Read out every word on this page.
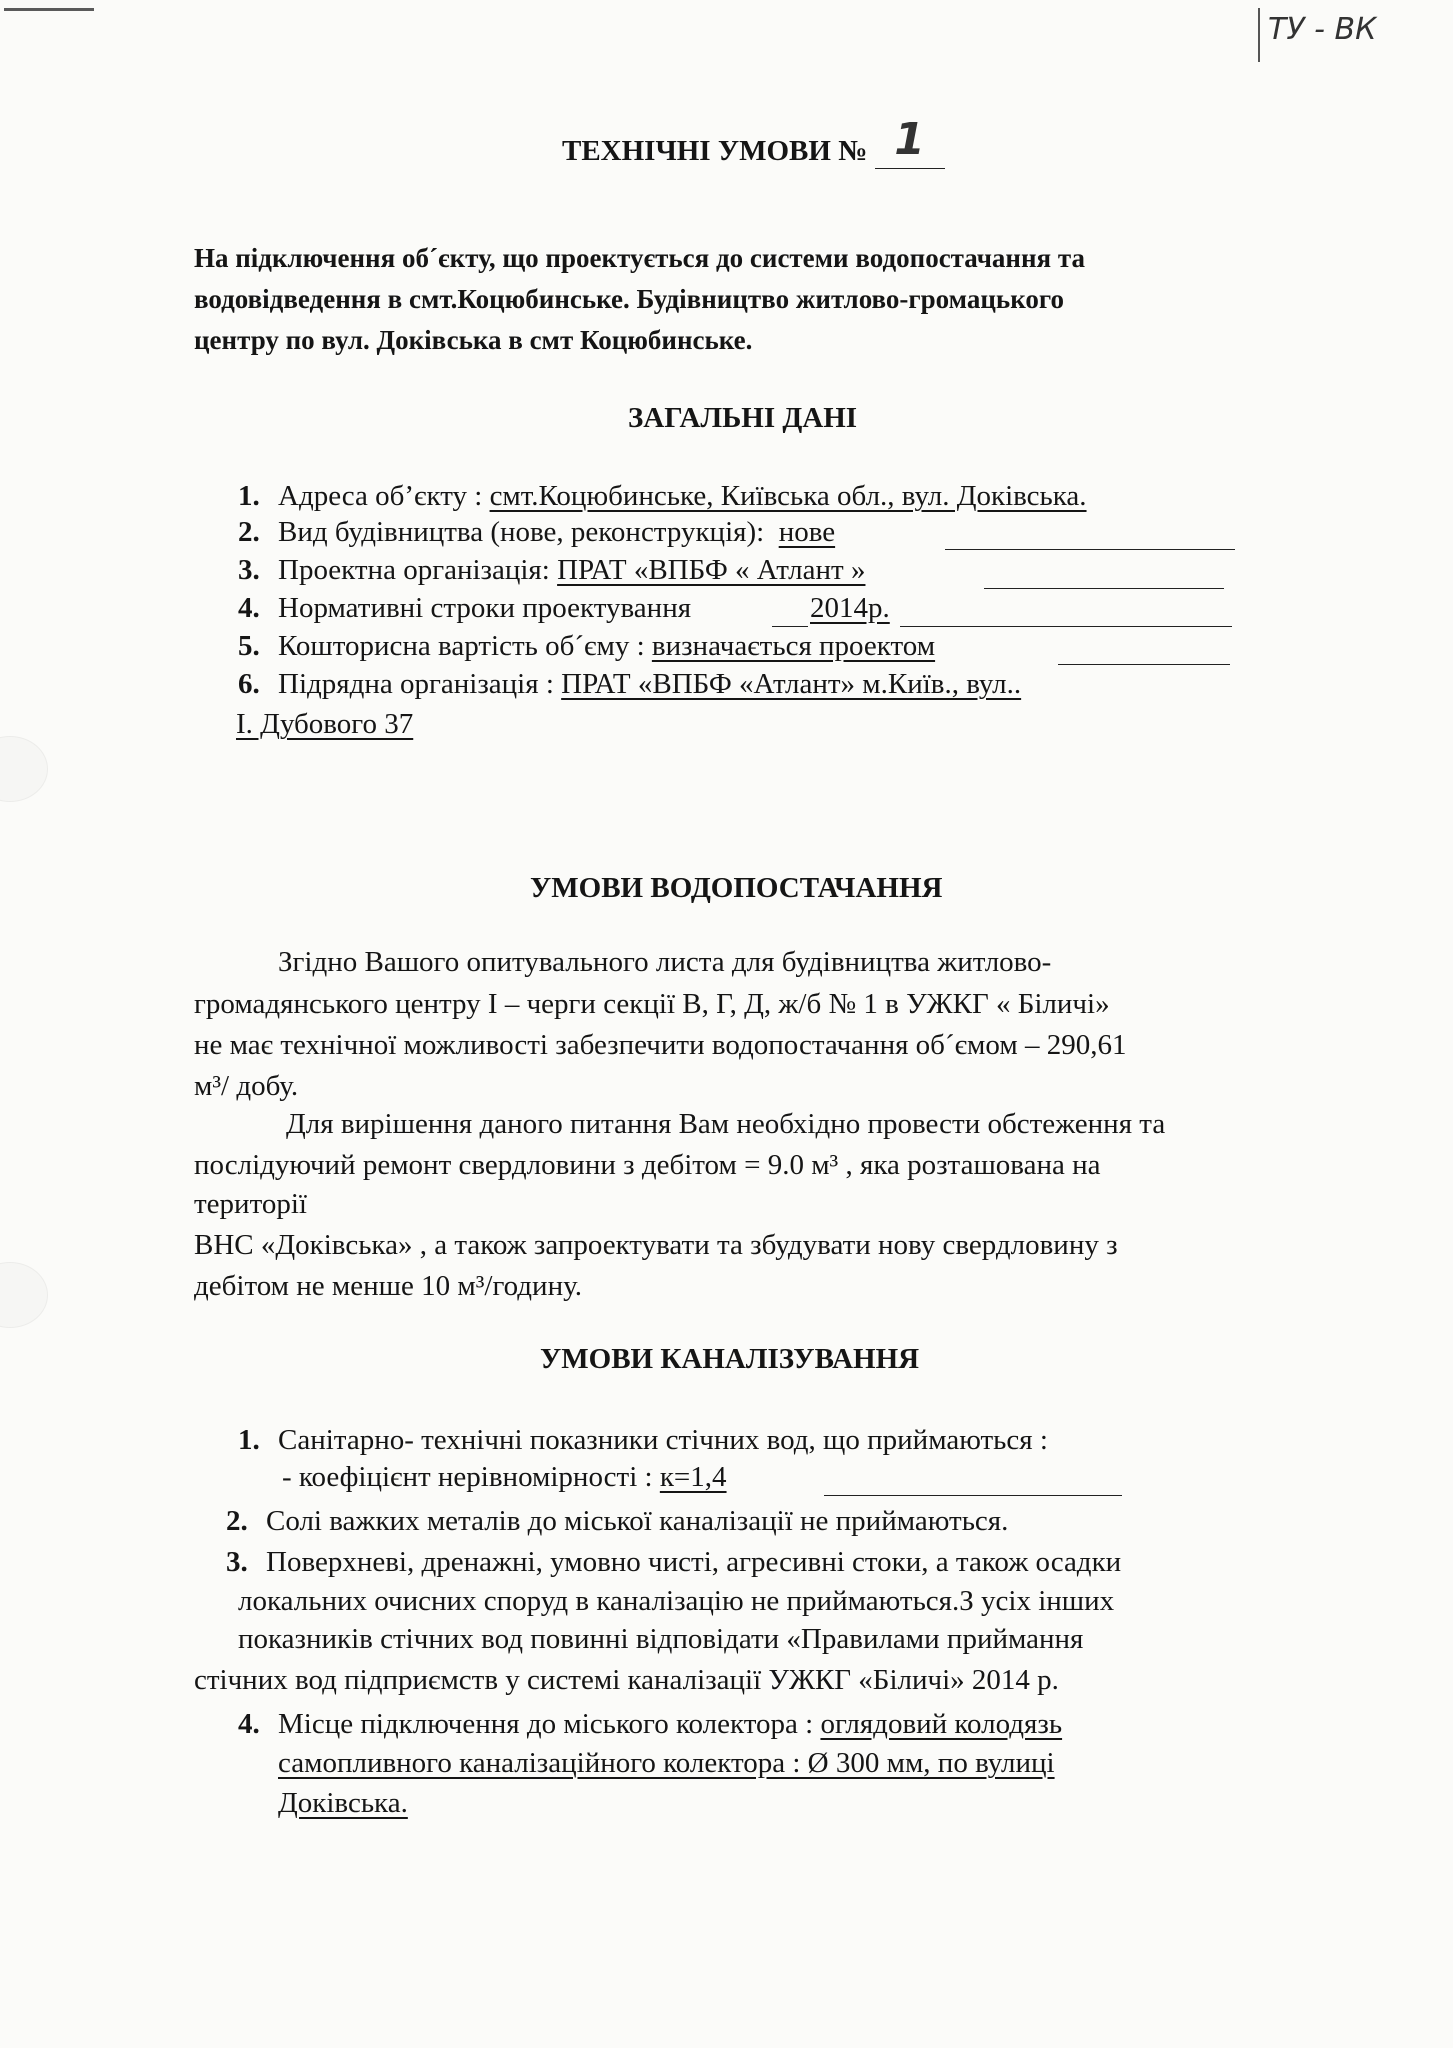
ТУ - ВК
ТЕХНІЧНІ УМОВИ № 1
На підключення об´єкту, що проектується до системи водопостачання та
водовідведення в смт.Коцюбинське. Будівництво житлово-громацького
центру по вул. Доківська в смт Коцюбинське.
ЗАГАЛЬНІ ДАНІ
1. Адреса об’єкту : смт.Коцюбинське, Київська обл., вул. Доківська.
2. Вид будівництва (нове, реконструкція): нове
3. Проектна організація: ПРАТ «ВПБФ « Атлант »
4. Нормативні строки проектування	2014р.
5. Кошторисна вартість об´єму : визначається проектом
6. Підрядна організація : ПРАТ «ВПБФ «Атлант» м.Київ., вул..
І. Дубового 37
УМОВИ ВОДОПОСТАЧАННЯ
Згідно Вашого опитувального листа для будівництва житлово-
громадянського центру І – черги секції В, Г, Д, ж/б № 1 в УЖКГ « Біличі»
не має технічної можливості забезпечити водопостачання об´ємом – 290,61
м³/ добу.
Для вирішення даного питання Вам необхідно провести обстеження та
послідуючий ремонт свердловини з дебітом = 9.0 м³ , яка розташована на
території
ВНС «Доківська» , а також запроектувати та збудувати нову свердловину з
дебітом не менше 10 м³/годину.
УМОВИ КАНАЛІЗУВАННЯ
1. Санітарно- технічні показники стічних вод, що приймаються :
- коефіцієнт нерівномірності : к=1,4
2. Солі важких металів до міської каналізації не приймаються.
3. Поверхневі, дренажні, умовно чисті, агресивні стоки, а також осадки
локальних очисних споруд в каналізацію не приймаються.З усіх інших
показників стічних вод повинні відповідати «Правилами приймання
стічних вод підприємств у системі каналізації УЖКГ «Біличі» 2014 р.
4. Місце підключення до міського колектора : оглядовий колодязь
самопливного каналізаційного колектора : Ø 300 мм, по вулиці
Доківська.
